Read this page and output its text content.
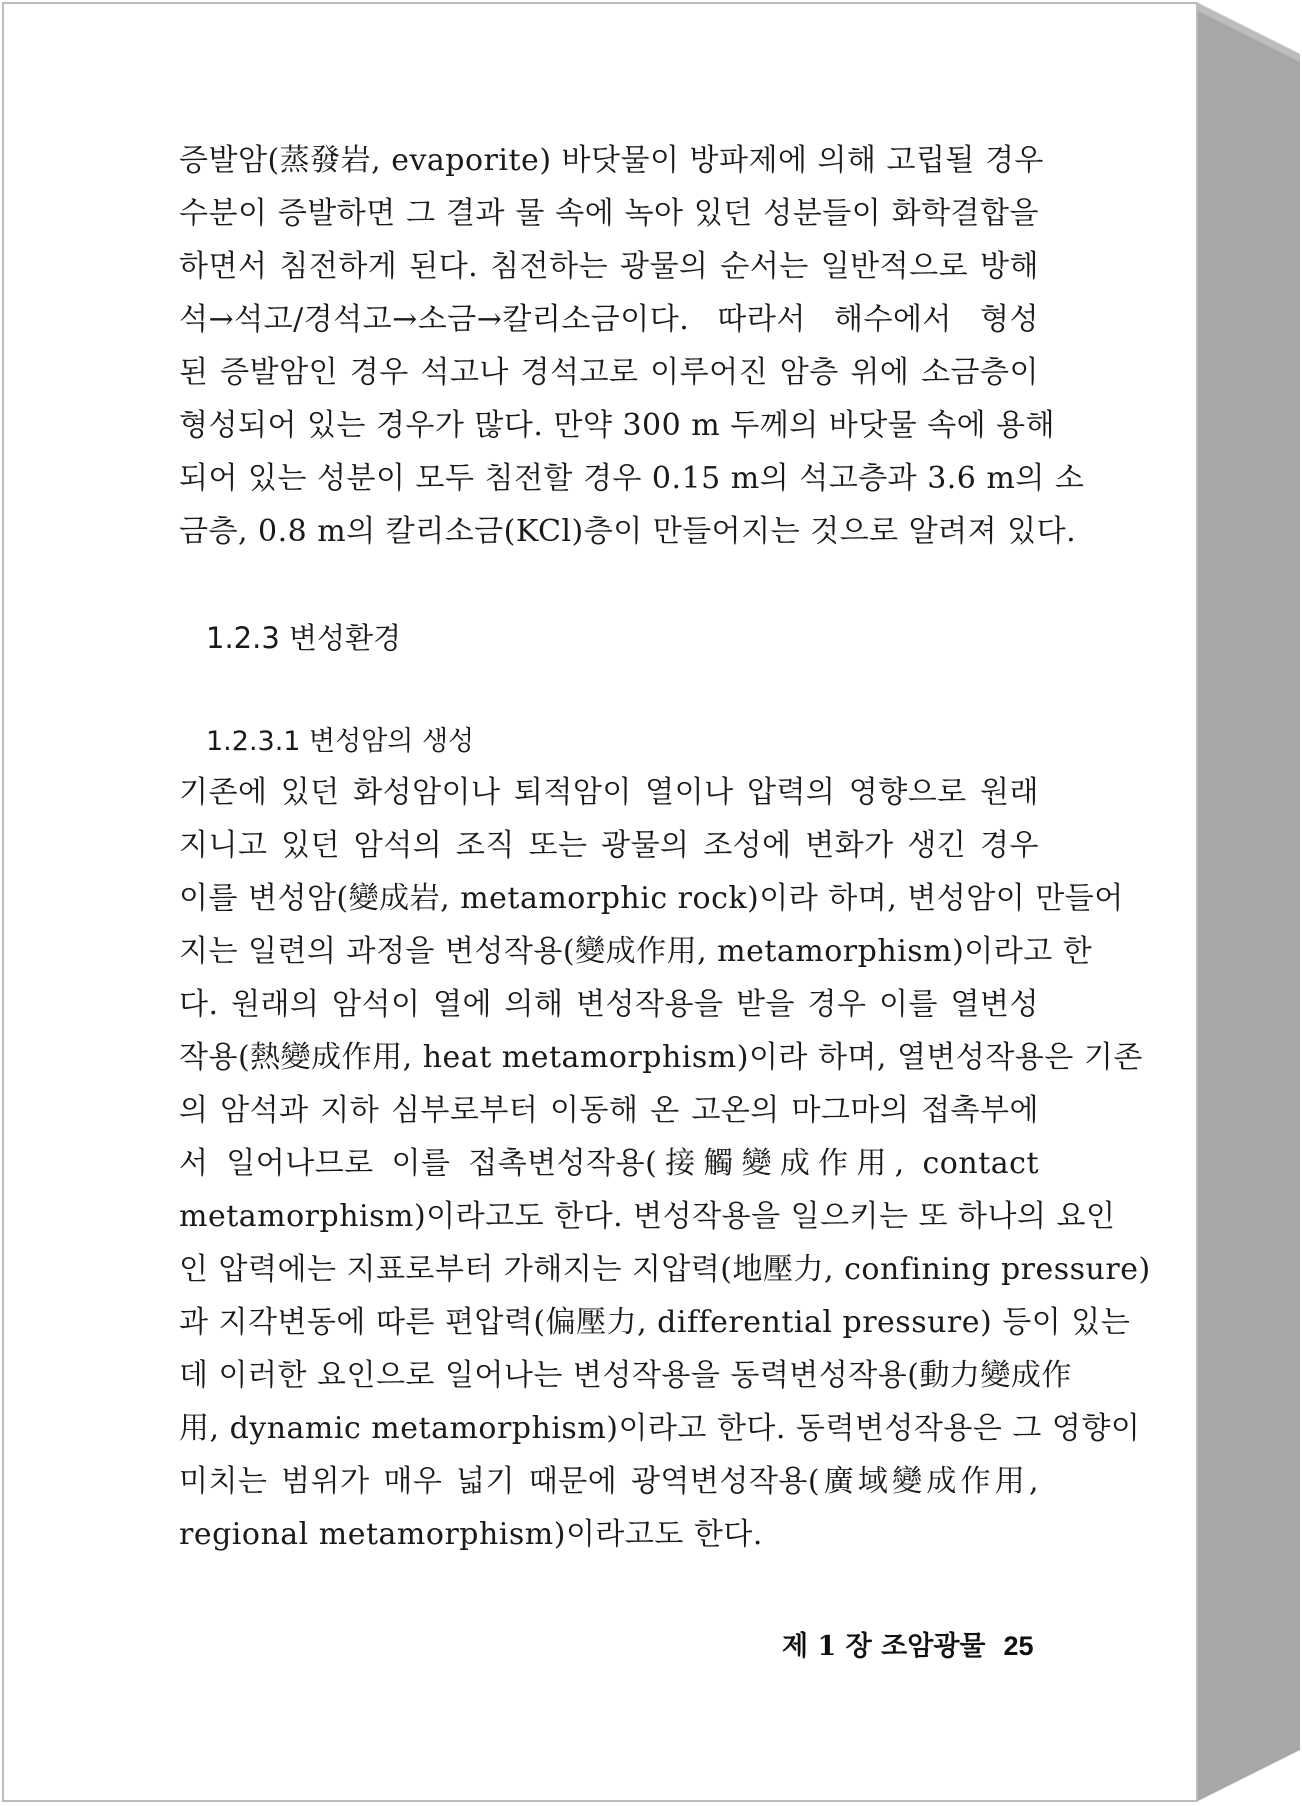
증발암(蒸發岩, evaporite) 바닷물이 방파제에 의해 고립될 경우
수분이 증발하면 그 결과 물 속에 녹아 있던 성분들이 화학결합을
하면서 침전하게 된다. 침전하는 광물의 순서는 일반적으로 방해
석→석고/경석고→소금→칼리소금이다. 따라서 해수에서 형성
된 증발암인 경우 석고나 경석고로 이루어진 암층 위에 소금층이
형성되어 있는 경우가 많다. 만약 300 m 두께의 바닷물 속에 용해
되어 있는 성분이 모두 침전할 경우 0.15 m의 석고층과 3.6 m의 소
금층, 0.8 m의 칼리소금(KCl)층이 만들어지는 것으로 알려져 있다.
1.2.3 변성환경
1.2.3.1 변성암의 생성
기존에 있던 화성암이나 퇴적암이 열이나 압력의 영향으로 원래
지니고 있던 암석의 조직 또는 광물의 조성에 변화가 생긴 경우
이를 변성암(變成岩, metamorphic rock)이라 하며, 변성암이 만들어
지는 일련의 과정을 변성작용(變成作用, metamorphism)이라고 한
다. 원래의 암석이 열에 의해 변성작용을 받을 경우 이를 열변성
작용(熱變成作用, heat metamorphism)이라 하며, 열변성작용은 기존
의 암석과 지하 심부로부터 이동해 온 고온의 마그마의 접촉부에
서 일어나므로 이를 접촉변성작용(接觸變成作用, contact
metamorphism)이라고도 한다. 변성작용을 일으키는 또 하나의 요인
인 압력에는 지표로부터 가해지는 지압력(地壓力, confining pressure)
과 지각변동에 따른 편압력(偏壓力, differential pressure) 등이 있는
데 이러한 요인으로 일어나는 변성작용을 동력변성작용(動力變成作
用, dynamic metamorphism)이라고 한다. 동력변성작용은 그 영향이
미치는 범위가 매우 넓기 때문에 광역변성작용(廣域變成作用,
regional metamorphism)이라고도 한다.
제 1 장 조암광물 25
